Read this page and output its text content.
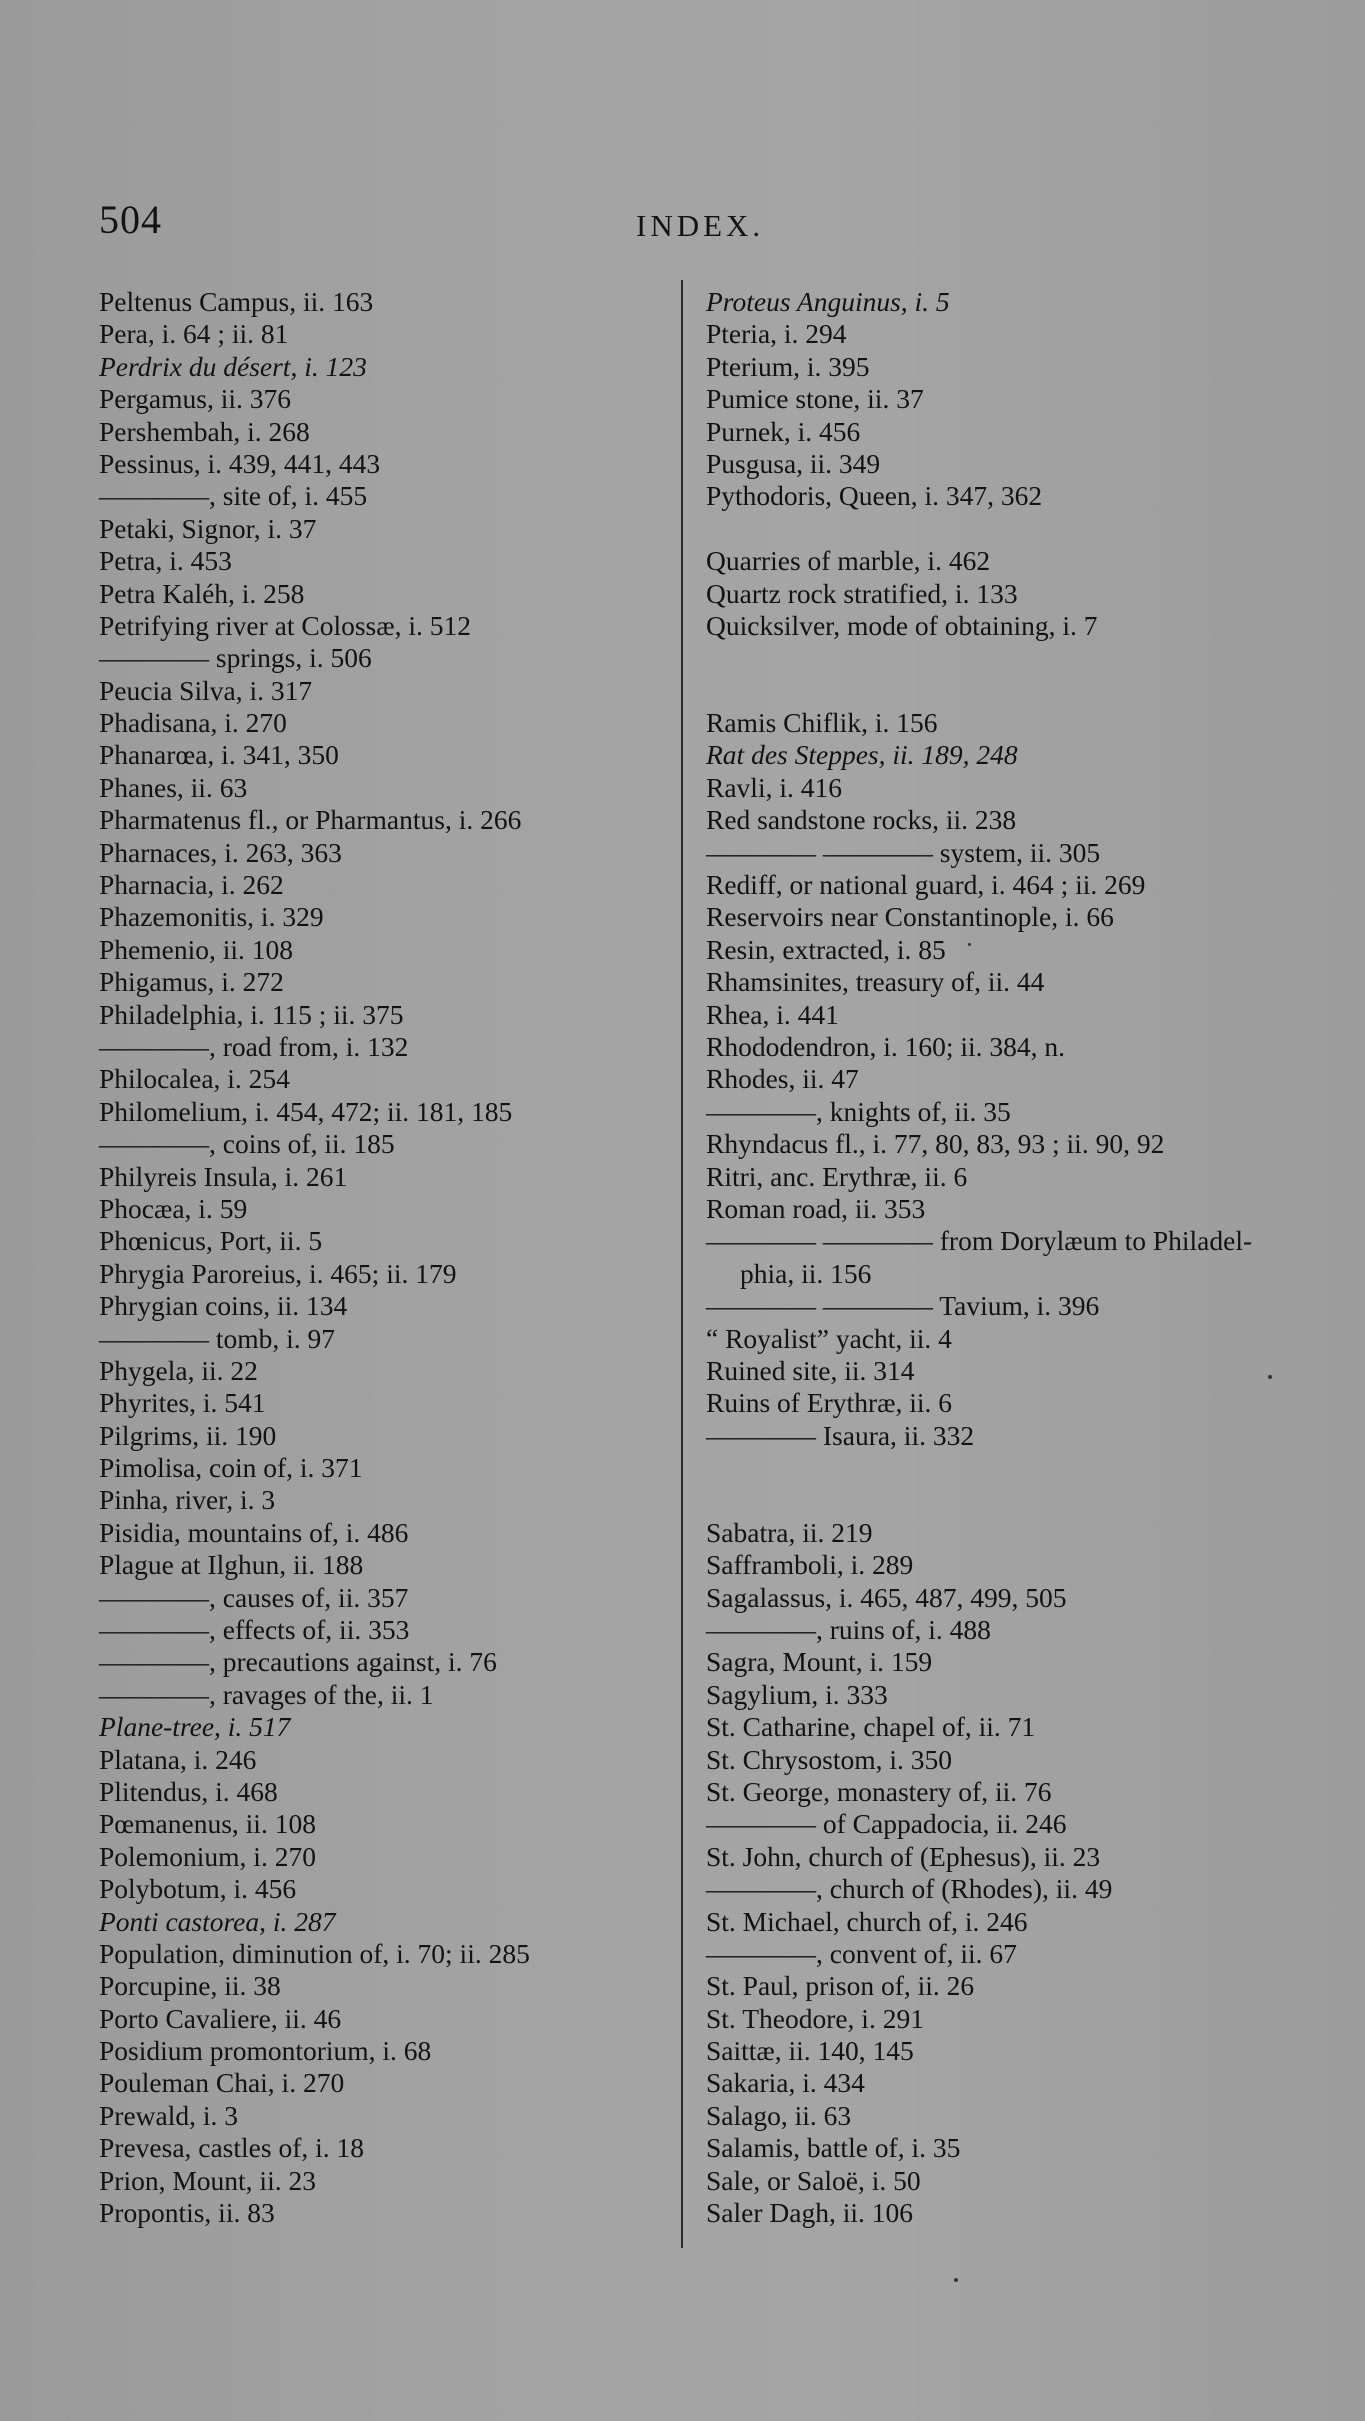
504	INDEX.
Peltenus Campus, ii. 163
Pera, i. 64 ; ii. 81
Perdrix du désert, i. 123
Pergamus, ii. 376
Pershembah, i. 268
Pessinus, i. 439, 441, 443
————, site of, i. 455
Petaki, Signor, i. 37
Petra, i. 453
Petra Kaléh, i. 258
Petrifying river at Colossæ, i. 512
———— springs, i. 506
Peucia Silva, i. 317
Phadisana, i. 270
Phanarœa, i. 341, 350
Phanes, ii. 63
Pharmatenus fl., or Pharmantus, i. 266
Pharnaces, i. 263, 363
Pharnacia, i. 262
Phazemonitis, i. 329
Phemenio, ii. 108
Phigamus, i. 272
Philadelphia, i. 115 ; ii. 375
————, road from, i. 132
Philocalea, i. 254
Philomelium, i. 454, 472; ii. 181, 185
————, coins of, ii. 185
Philyreis Insula, i. 261
Phocæa, i. 59
Phœnicus, Port, ii. 5
Phrygia Paroreius, i. 465; ii. 179
Phrygian coins, ii. 134
———— tomb, i. 97
Phygela, ii. 22
Phyrites, i. 541
Pilgrims, ii. 190
Pimolisa, coin of, i. 371
Pinha, river, i. 3
Pisidia, mountains of, i. 486
Plague at Ilghun, ii. 188
————, causes of, ii. 357
————, effects of, ii. 353
————, precautions against, i. 76
————, ravages of the, ii. 1
Plane-tree, i. 517
Platana, i. 246
Plitendus, i. 468
Pœmanenus, ii. 108
Polemonium, i. 270
Polybotum, i. 456
Ponti castorea, i. 287
Population, diminution of, i. 70; ii. 285
Porcupine, ii. 38
Porto Cavaliere, ii. 46
Posidium promontorium, i. 68
Pouleman Chai, i. 270
Prewald, i. 3
Prevesa, castles of, i. 18
Prion, Mount, ii. 23
Propontis, ii. 83
Proteus Anguinus, i. 5
Pteria, i. 294
Pterium, i. 395
Pumice stone, ii. 37
Purnek, i. 456
Pusgusa, ii. 349
Pythodoris, Queen, i. 347, 362
Quarries of marble, i. 462
Quartz rock stratified, i. 133
Quicksilver, mode of obtaining, i. 7
Ramis Chiflik, i. 156
Rat des Steppes, ii. 189, 248
Ravli, i. 416
Red sandstone rocks, ii. 238
———— ———— system, ii. 305
Rediff, or national guard, i. 464 ; ii. 269
Reservoirs near Constantinople, i. 66
Resin, extracted, i. 85
Rhamsinites, treasury of, ii. 44
Rhea, i. 441
Rhododendron, i. 160; ii. 384, n.
Rhodes, ii. 47
————, knights of, ii. 35
Rhyndacus fl., i. 77, 80, 83, 93 ; ii. 90, 92
Ritri, anc. Erythræ, ii. 6
Roman road, ii. 353
———— ———— from Dorylæum to Philadel-
phia, ii. 156
———— ———— Tavium, i. 396
“ Royalist” yacht, ii. 4
Ruined site, ii. 314
Ruins of Erythræ, ii. 6
———— Isaura, ii. 332
Sabatra, ii. 219
Safframboli, i. 289
Sagalassus, i. 465, 487, 499, 505
————, ruins of, i. 488
Sagra, Mount, i. 159
Sagylium, i. 333
St. Catharine, chapel of, ii. 71
St. Chrysostom, i. 350
St. George, monastery of, ii. 76
———— of Cappadocia, ii. 246
St. John, church of (Ephesus), ii. 23
————, church of (Rhodes), ii. 49
St. Michael, church of, i. 246
————, convent of, ii. 67
St. Paul, prison of, ii. 26
St. Theodore, i. 291
Saittæ, ii. 140, 145
Sakaria, i. 434
Salago, ii. 63
Salamis, battle of, i. 35
Sale, or Saloë, i. 50
Saler Dagh, ii. 106
